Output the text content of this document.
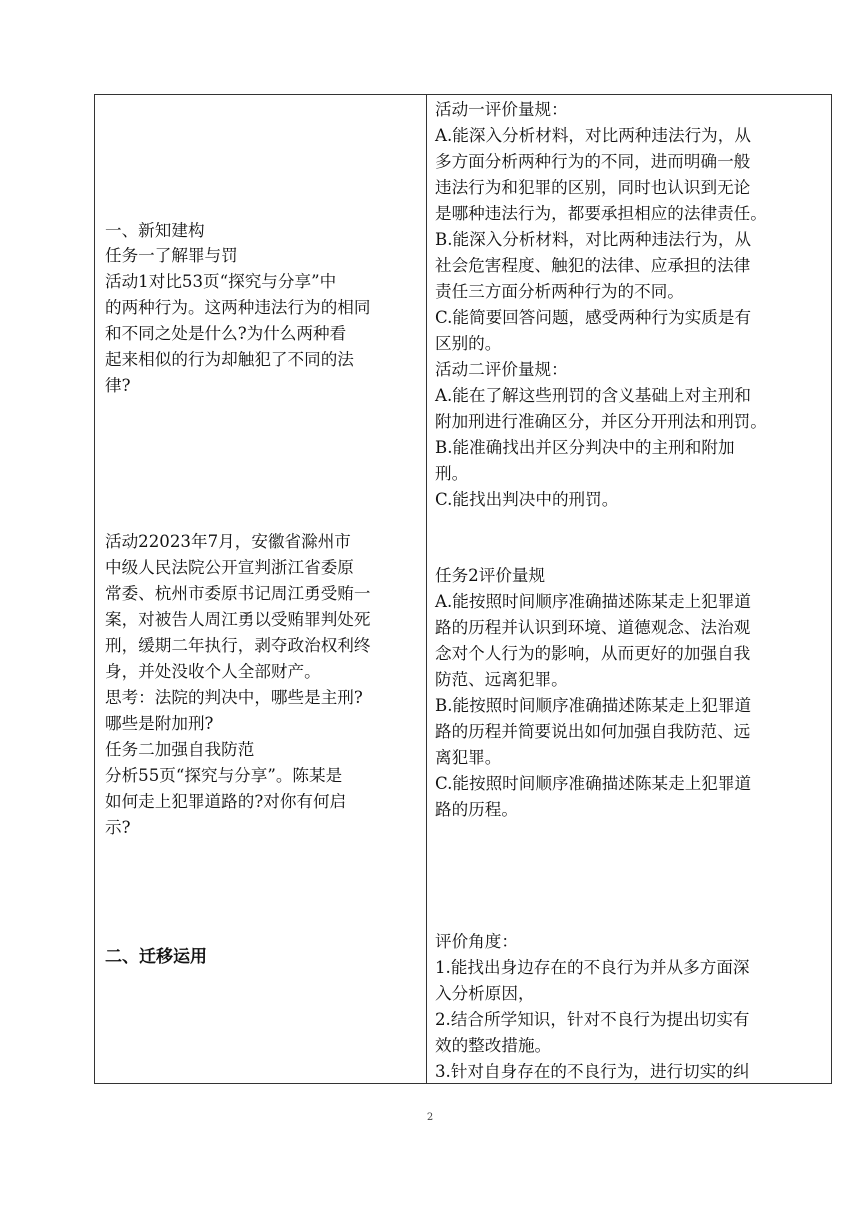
一、新知建构
任务一了解罪与罚
活动1对比53页“探究与分享”中
的两种行为。这两种违法行为的相同
和不同之处是什么?为什么两种看
起来相似的行为却触犯了不同的法
律?
活动22023年7月，安徽省滁州市
中级人民法院公开宣判浙江省委原
常委、杭州市委原书记周江勇受贿一
案，对被告人周江勇以受贿罪判处死
刑，缓期二年执行，剥夺政治权利终
身，并处没收个人全部财产。
思考：法院的判决中，哪些是主刑?
哪些是附加刑?
任务二加强自我防范
分析55页“探究与分享”。陈某是
如何走上犯罪道路的?对你有何启
示?
二、迁移运用

活动一评价量规：
A.能深入分析材料，对比两种违法行为，从
多方面分析两种行为的不同，进而明确一般
违法行为和犯罪的区别，同时也认识到无论
是哪种违法行为，都要承担相应的法律责任。
B.能深入分析材料，对比两种违法行为，从
社会危害程度、触犯的法律、应承担的法律
责任三方面分析两种行为的不同。
C.能简要回答问题，感受两种行为实质是有
区别的。
活动二评价量规：
A.能在了解这些刑罚的含义基础上对主刑和
附加刑进行准确区分，并区分开刑法和刑罚。
B.能准确找出并区分判决中的主刑和附加
刑。
C.能找出判决中的刑罚。
任务2评价量规
A.能按照时间顺序准确描述陈某走上犯罪道
路的历程并认识到环境、道德观念、法治观
念对个人行为的影响，从而更好的加强自我
防范、远离犯罪。
B.能按照时间顺序准确描述陈某走上犯罪道
路的历程并简要说出如何加强自我防范、远
离犯罪。
C.能按照时间顺序准确描述陈某走上犯罪道
路的历程。
评价角度：
1.能找出身边存在的不良行为并从多方面深
入分析原因，
2.结合所学知识，针对不良行为提出切实有
效的整改措施。
3.针对自身存在的不良行为，进行切实的纠
2
